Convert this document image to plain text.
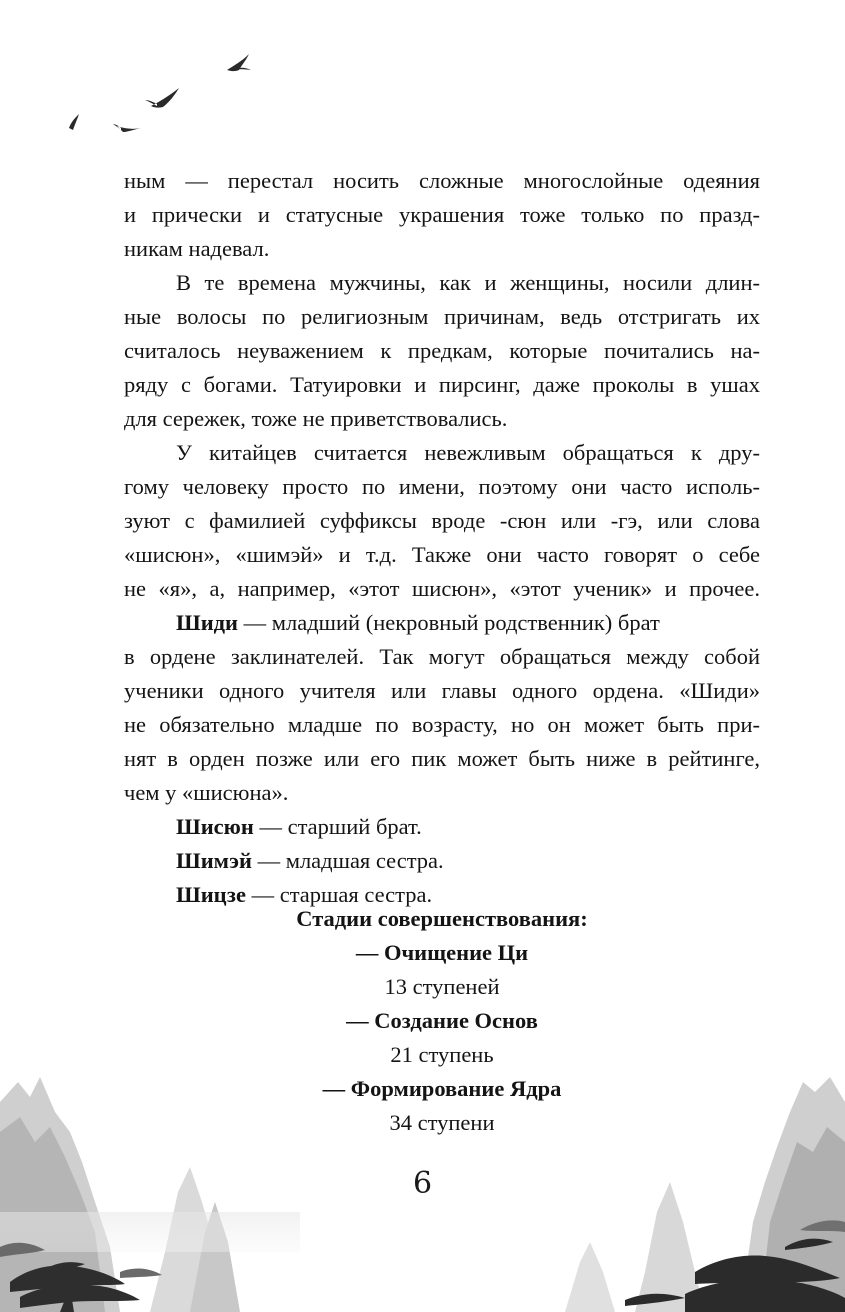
ным — перестал носить сложные многослойные одеяния
и прически и статусные украшения тоже только по празд-
никам надевал.

В те времена мужчины, как и женщины, носили длин-
ные волосы по религиозным причинам, ведь отстригать их
считалось неуважением к предкам, которые почитались на-
ряду с богами. Татуировки и пирсинг, даже проколы в ушах
для сережек, тоже не приветствовались.

У китайцев считается невежливым обращаться к дру-
гому человеку просто по имени, поэтому они часто исполь-
зуют с фамилией суффиксы вроде -сюн или -гэ, или слова
«шисюн», «шимэй» и т.д. Также они часто говорят о себе
не «я», а, например, «этот шисюн», «этот ученик» и прочее.

Шиди — младший (некровный родственник) брат
в ордене заклинателей. Так могут обращаться между собой
ученики одного учителя или главы одного ордена. «Шиди»
не обязательно младше по возрасту, но он может быть при-
нят в орден позже или его пик может быть ниже в рейтинге,
чем у «шисюна».

Шисюн — старший брат.

Шимэй — младшая сестра.

Шицзе — старшая сестра.

Стадии совершенствования:
— Очищение Ци
13 ступеней
— Создание Основ
21 ступень
— Формирование Ядра
34 ступени
6
